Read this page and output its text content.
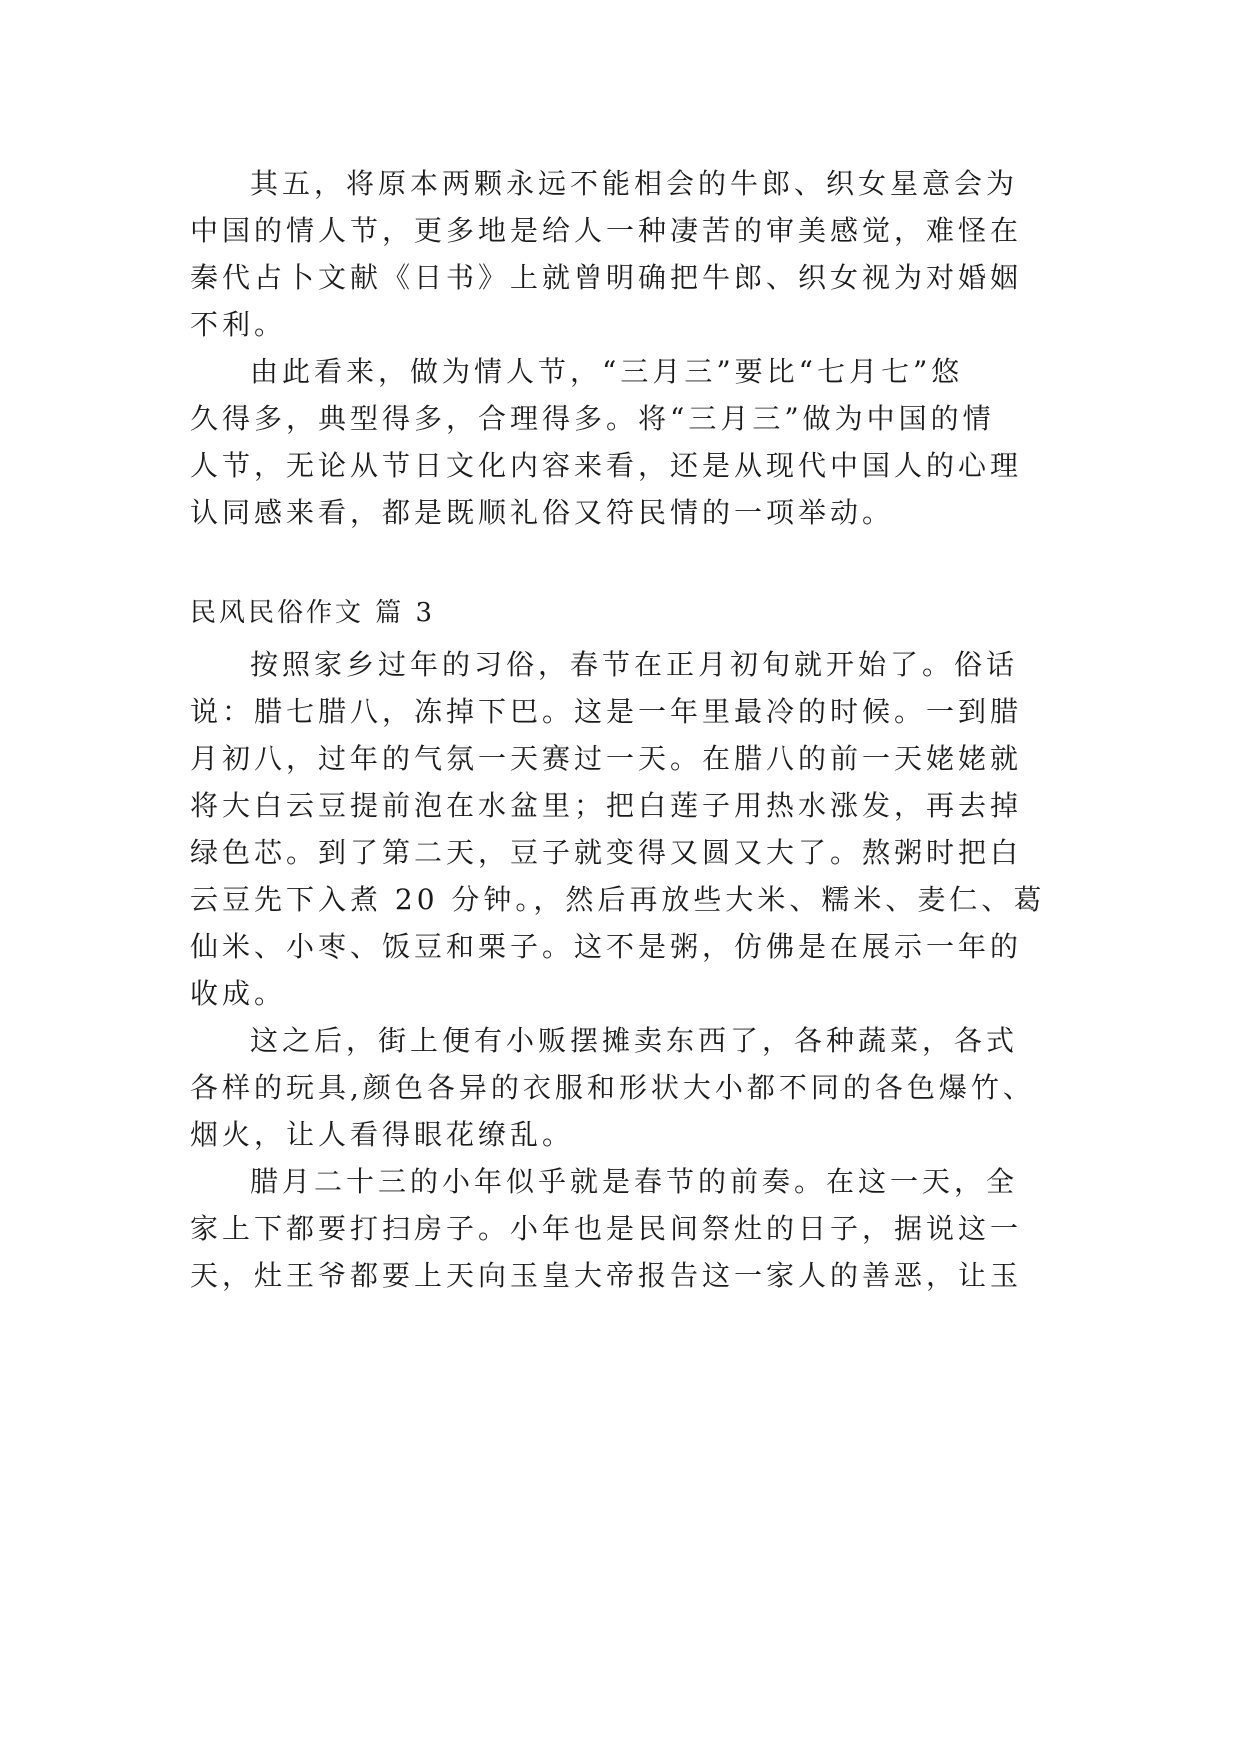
其五，将原本两颗永远不能相会的牛郎、织女星意会为
中国的情人节，更多地是给人一种凄苦的审美感觉，难怪在
秦代占卜文献《日书》上就曾明确把牛郎、织女视为对婚姻
不利。
由此看来，做为情人节，“三月三”要比“七月七”悠
久得多，典型得多，合理得多。将“三月三”做为中国的情
人节，无论从节日文化内容来看，还是从现代中国人的心理
认同感来看，都是既顺礼俗又符民情的一项举动。
民风民俗作文 篇 3
按照家乡过年的习俗，春节在正月初旬就开始了。俗话
说：腊七腊八，冻掉下巴。这是一年里最冷的时候。一到腊
月初八，过年的气氛一天赛过一天。在腊八的前一天姥姥就
将大白云豆提前泡在水盆里；把白莲子用热水涨发，再去掉
绿色芯。到了第二天，豆子就变得又圆又大了。熬粥时把白
云豆先下入煮 20 分钟。，然后再放些大米、糯米、麦仁、葛
仙米、小枣、饭豆和栗子。这不是粥，仿佛是在展示一年的
收成。
这之后，街上便有小贩摆摊卖东西了，各种蔬菜，各式
各样的玩具,颜色各异的衣服和形状大小都不同的各色爆竹、
烟火，让人看得眼花缭乱。
腊月二十三的小年似乎就是春节的前奏。在这一天，全
家上下都要打扫房子。小年也是民间祭灶的日子，据说这一
天，灶王爷都要上天向玉皇大帝报告这一家人的善恶，让玉
